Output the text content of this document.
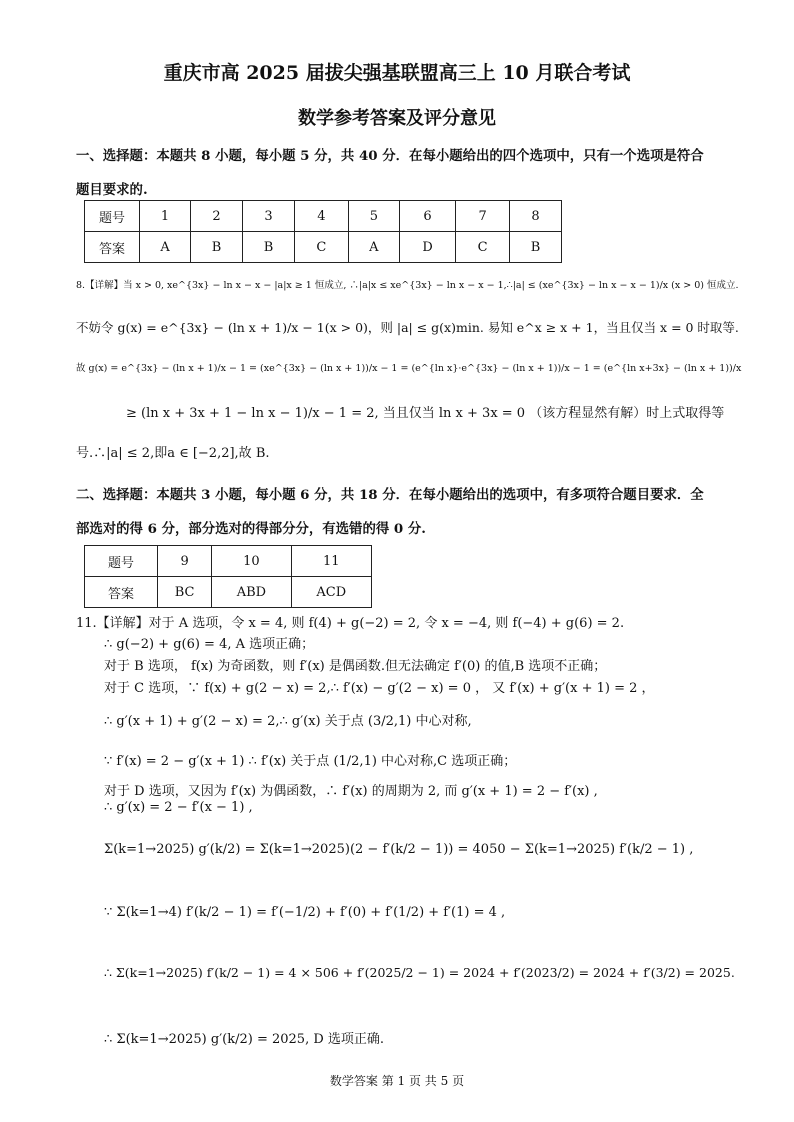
重庆市高 2025 届拔尖强基联盟高三上 10 月联合考试
数学参考答案及评分意见
一、选择题：本题共 8 小题，每小题 5 分，共 40 分．在每小题给出的四个选项中，只有一个选项是符合
题目要求的.
题号	1	2	3	4	5	6	7	8
答案	A	B	B	C	A	D	C	B
8.【详解】当 x > 0, xe^{3x} − ln x − x − |a|x ≥ 1 恒成立, ∴|a|x ≤ xe^{3x} − ln x − x − 1,∴|a| ≤ (xe^{3x} − ln x − x − 1)/x (x > 0) 恒成立.
不妨令 g(x) = e^{3x} − (ln x + 1)/x − 1(x > 0)，则 |a| ≤ g(x)min. 易知 e^x ≥ x + 1，当且仅当 x = 0 时取等.
故 g(x) = e^{3x} − (ln x + 1)/x − 1 = (xe^{3x} − (ln x + 1))/x − 1 = (e^{ln x}·e^{3x} − (ln x + 1))/x − 1 = (e^{ln x+3x} − (ln x + 1))/x
≥ (ln x + 3x + 1 − ln x − 1)/x − 1 = 2, 当且仅当 ln x + 3x = 0 （该方程显然有解）时上式取得等
号.∴|a| ≤ 2,即a ∈ [−2,2],故 B.
二、选择题：本题共 3 小题，每小题 6 分，共 18 分．在每小题给出的选项中，有多项符合题目要求．全
部选对的得 6 分，部分选对的得部分分，有选错的得 0 分.
题号	9	10	11
答案	BC	ABD	ACD
11.【详解】对于 A 选项，令 x = 4, 则 f(4) + g(−2) = 2, 令 x = −4, 则 f(−4) + g(6) = 2.
∴ g(−2) + g(6) = 4, A 选项正确；
对于 B 选项， f(x) 为奇函数，则 f′(x) 是偶函数.但无法确定 f′(0) 的值,B 选项不正确；
对于 C 选项，∵ f(x) + g(2 − x) = 2,∴ f′(x) − g′(2 − x) = 0 ， 又 f′(x) + g′(x + 1) = 2 ，
∴ g′(x + 1) + g′(2 − x) = 2,∴ g′(x) 关于点 (3/2,1) 中心对称,
∵ f′(x) = 2 − g′(x + 1) ∴ f′(x) 关于点 (1/2,1) 中心对称,C 选项正确；
对于 D 选项，又因为 f′(x) 为偶函数，∴ f′(x) 的周期为 2, 而 g′(x + 1) = 2 − f′(x) ,
∴ g′(x) = 2 − f′(x − 1) ,
Σ(k=1→2025) g′(k/2) = Σ(k=1→2025)(2 − f′(k/2 − 1)) = 4050 − Σ(k=1→2025) f′(k/2 − 1) ,
∵ Σ(k=1→4) f′(k/2 − 1) = f′(−1/2) + f′(0) + f′(1/2) + f′(1) = 4 ,
∴ Σ(k=1→2025) f′(k/2 − 1) = 4 × 506 + f′(2025/2 − 1) = 2024 + f′(2023/2) = 2024 + f′(3/2) = 2025.
∴ Σ(k=1→2025) g′(k/2) = 2025, D 选项正确.
数学答案 第 1 页 共 5 页
